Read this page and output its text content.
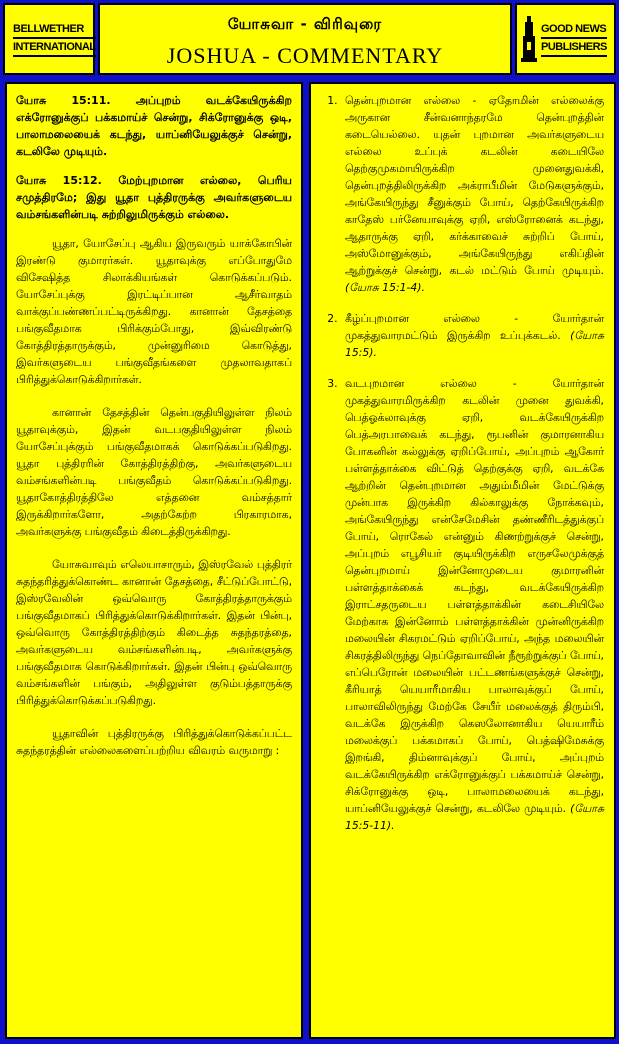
BELLWETHER
INTERNATIONAL
யோசுவா - விரிவுரை
JOSHUA - COMMENTARY
GOOD NEWS
PUBLISHERS
யோசு 15:11. அப்புறம் வடக்கேயிருக்கிற எக்ரோனுக்குப் பக்கமாய்ச் சென்று, சிக்ரோனுக்கு ஒடி, பாலாமலையைக் கடந்து, யாப்னியேலுக்குச் சென்று, கடலிலே முடியும்.
யோசு 15:12. மேற்புறமான எல்லை, பெரிய சமுத்திரமே; இது யூதா புத்திரருக்கு அவர்களுடைய வம்சங்களின்படி சுற்றிலுமிருக்கும் எல்லை.

யூதா, யோசேப்பு ஆகிய இருவரும் யாக்கோபின் இரண்டு குமாரர்கள். யூதாவுக்கு எப்போதுமே விசேஷித்த சிலாக்கியங்கள் கொடுக்கப்படும். யோசேப்புக்கு இரட்டிப்பான ஆசீர்வாதம் வாக்குப்பண்ணப்பட்டிருக்கிறது. கானான் தேசத்தை பங்குவீதமாக பிரிக்கும்போது, இவ்விரண்டு கோத்திரத்தாருக்கும், முன்னுரிமை கொடுத்து, இவர்களுடைய பங்குவீதங்களை முதலாவதாகப் பிரித்துக்கொடுக்கிறார்கள்.

கானான் தேசத்தின் தென்பகுதியிலுள்ள நிலம் யூதாவுக்கும், இதன் வடபகுதியிலுள்ள நிலம் யோசேப்புக்கும் பங்குவீதமாகக் கொடுக்கப்படுகிறது. யூதா புத்திரரின் கோத்திரத்திற்கு, அவர்களுடைய வம்சங்களின்படி பங்குவீதம் கொடுக்கப்படுகிறது. யூதாகோத்திரத்திலே எத்தனை வம்சத்தார் இருக்கிறார்களோ, அதற்கேற்ற பிரகாரமாக, அவர்களுக்கு பங்குவீதம் கிடைத்திருக்கிறது.

யோசுவாவும் எலெயாசாரும், இஸ்ரவேல் புத்திரர் சுதந்தரித்துக்கொண்ட கானான் தேசத்தை, சீட்டுப்போட்டு, இஸ்ரவேலின் ஒவ்வொரு கோத்திரத்தாருக்கும் பங்குவீதமாகப் பிரித்துக்கொடுக்கிறார்கள். இதன் பின்பு, ஒவ்வொரு கோத்திரத்திற்கும் கிடைத்த சுதந்தரத்தை, அவர்களுடைய வம்சங்களின்படி, அவர்களுக்கு பங்குவீதமாக கொடுக்கிறார்கள். இதன் பின்பு ஒவ்வொரு வம்சங்களின் பங்கும், அதிலுள்ள குடும்பத்தாருக்கு பிரித்துக்கொடுக்கப்படுகிறது.

யூதாவின் புத்திரருக்கு பிரித்துக்கொடுக்கப்பட்ட சுதந்தரத்தின் எல்லைகளைப்பற்றிய விவரம் வருமாறு :

1. தென்புறமான எல்லை - ஏதோமின் எல்லைக்கு அருகான சீன்வனாந்தரமே தென்புறத்தின் கடையெல்லை. யுதன் புறமான அவர்களுடைய எல்லை உப்புக் கடலின் கடையிலே தெற்குமுகமாயிருக்கிற முனைதுவக்கி, தென்புறத்திலிருக்கிற அக்ராபீமின் மேடுகளுக்கும், அங்கேயிருந்து சீனுக்கும் போய், தெற்கேயிருக்கிற காதேஸ் பர்னேயாவுக்கு ஏறி, எஸ்ரோனைக் கடந்து, ஆதாருக்கு ஏறி, கர்க்காவைச் சுற்றிப் போய், அஸ்மோனுக்கும், அங்கேயிருந்து எகிப்தின் ஆற்றுக்குச் சென்று, கடல் மட்டும் போய் முடியும். (யோசு 15:1-4).
2. கீழ்ப்புறமான எல்லை - யோர்தான் முகத்துவாரமட்டும் இருக்கிற உப்புக்கடல். (யோசு 15:5).
3. வடபுறமான எல்லை - யோர்தான் முகத்துவாரமிருக்கிற கடலின் முனை துவக்கி, பெத்ஓக்லாவுக்கு ஏறி, வடக்கேயிருக்கிற பெத்அரபாவைக் கடந்து, ரூபனின் குமாரனாகிய போகனின் கல்லுக்கு ஏறிப்போய், அப்புறம் ஆகோர் பள்ளத்தாக்கை விட்டுத் தெற்குக்கு ஏறி, வடக்கே ஆற்றின் தென்புறமான அதும்மீமின் மேட்டுக்கு முன்பாக இருக்கிற கில்காலுக்கு நோக்கவும், அங்கேயிருந்து என்சேமேசின் தண்ணீரிடத்துக்குப் போய், ரொகேல் என்னும் கிணற்றுக்குச் சென்று, அப்புறம் எபூசியர் குடியிருக்கிற எருசலேமுக்குத் தென்புறமாய் இன்னோமுடைய குமாரனின் பள்ளத்தாக்கைக் கடந்து, வடக்கேயிருக்கிற இராட்சதருடைய பள்ளத்தாக்கின் கடைசியிலே மேற்காக இன்னோம் பள்ளத்தாக்கின் முன்னிருக்கிற மலையின் சிகரமட்டும் ஏறிப்போய், அந்த மலையின் சிகரத்திலிருந்து நெப்தோவாவின் நீரூற்றுக்குப் போய், எப்பெரோன் மலையின் பட்டணங்களுக்குச் சென்று, கீரியாத் யெயாரீமாகிய பாலாவுக்குப் போய், பாலாவிலிருந்து மேற்கே சேயீர் மலைக்குத் திரும்பி, வடக்கே இருக்கிற கெஸலோனாகிய யெயாரீம் மலைக்குப் பக்கமாகப் போய், பெத்ஷிமேசுக்கு இறங்கி, திம்னாவுக்குப் போய், அப்புறம் வடக்கேயிருக்கிற எக்ரோனுக்குப் பக்கமாய்ச் சென்று, சிக்ரோனுக்கு ஒடி, பாலாமலையைக் கடந்து, யாப்னியேலுக்குச் சென்று, கடலிலே முடியும். (யோசு 15:5-11).
